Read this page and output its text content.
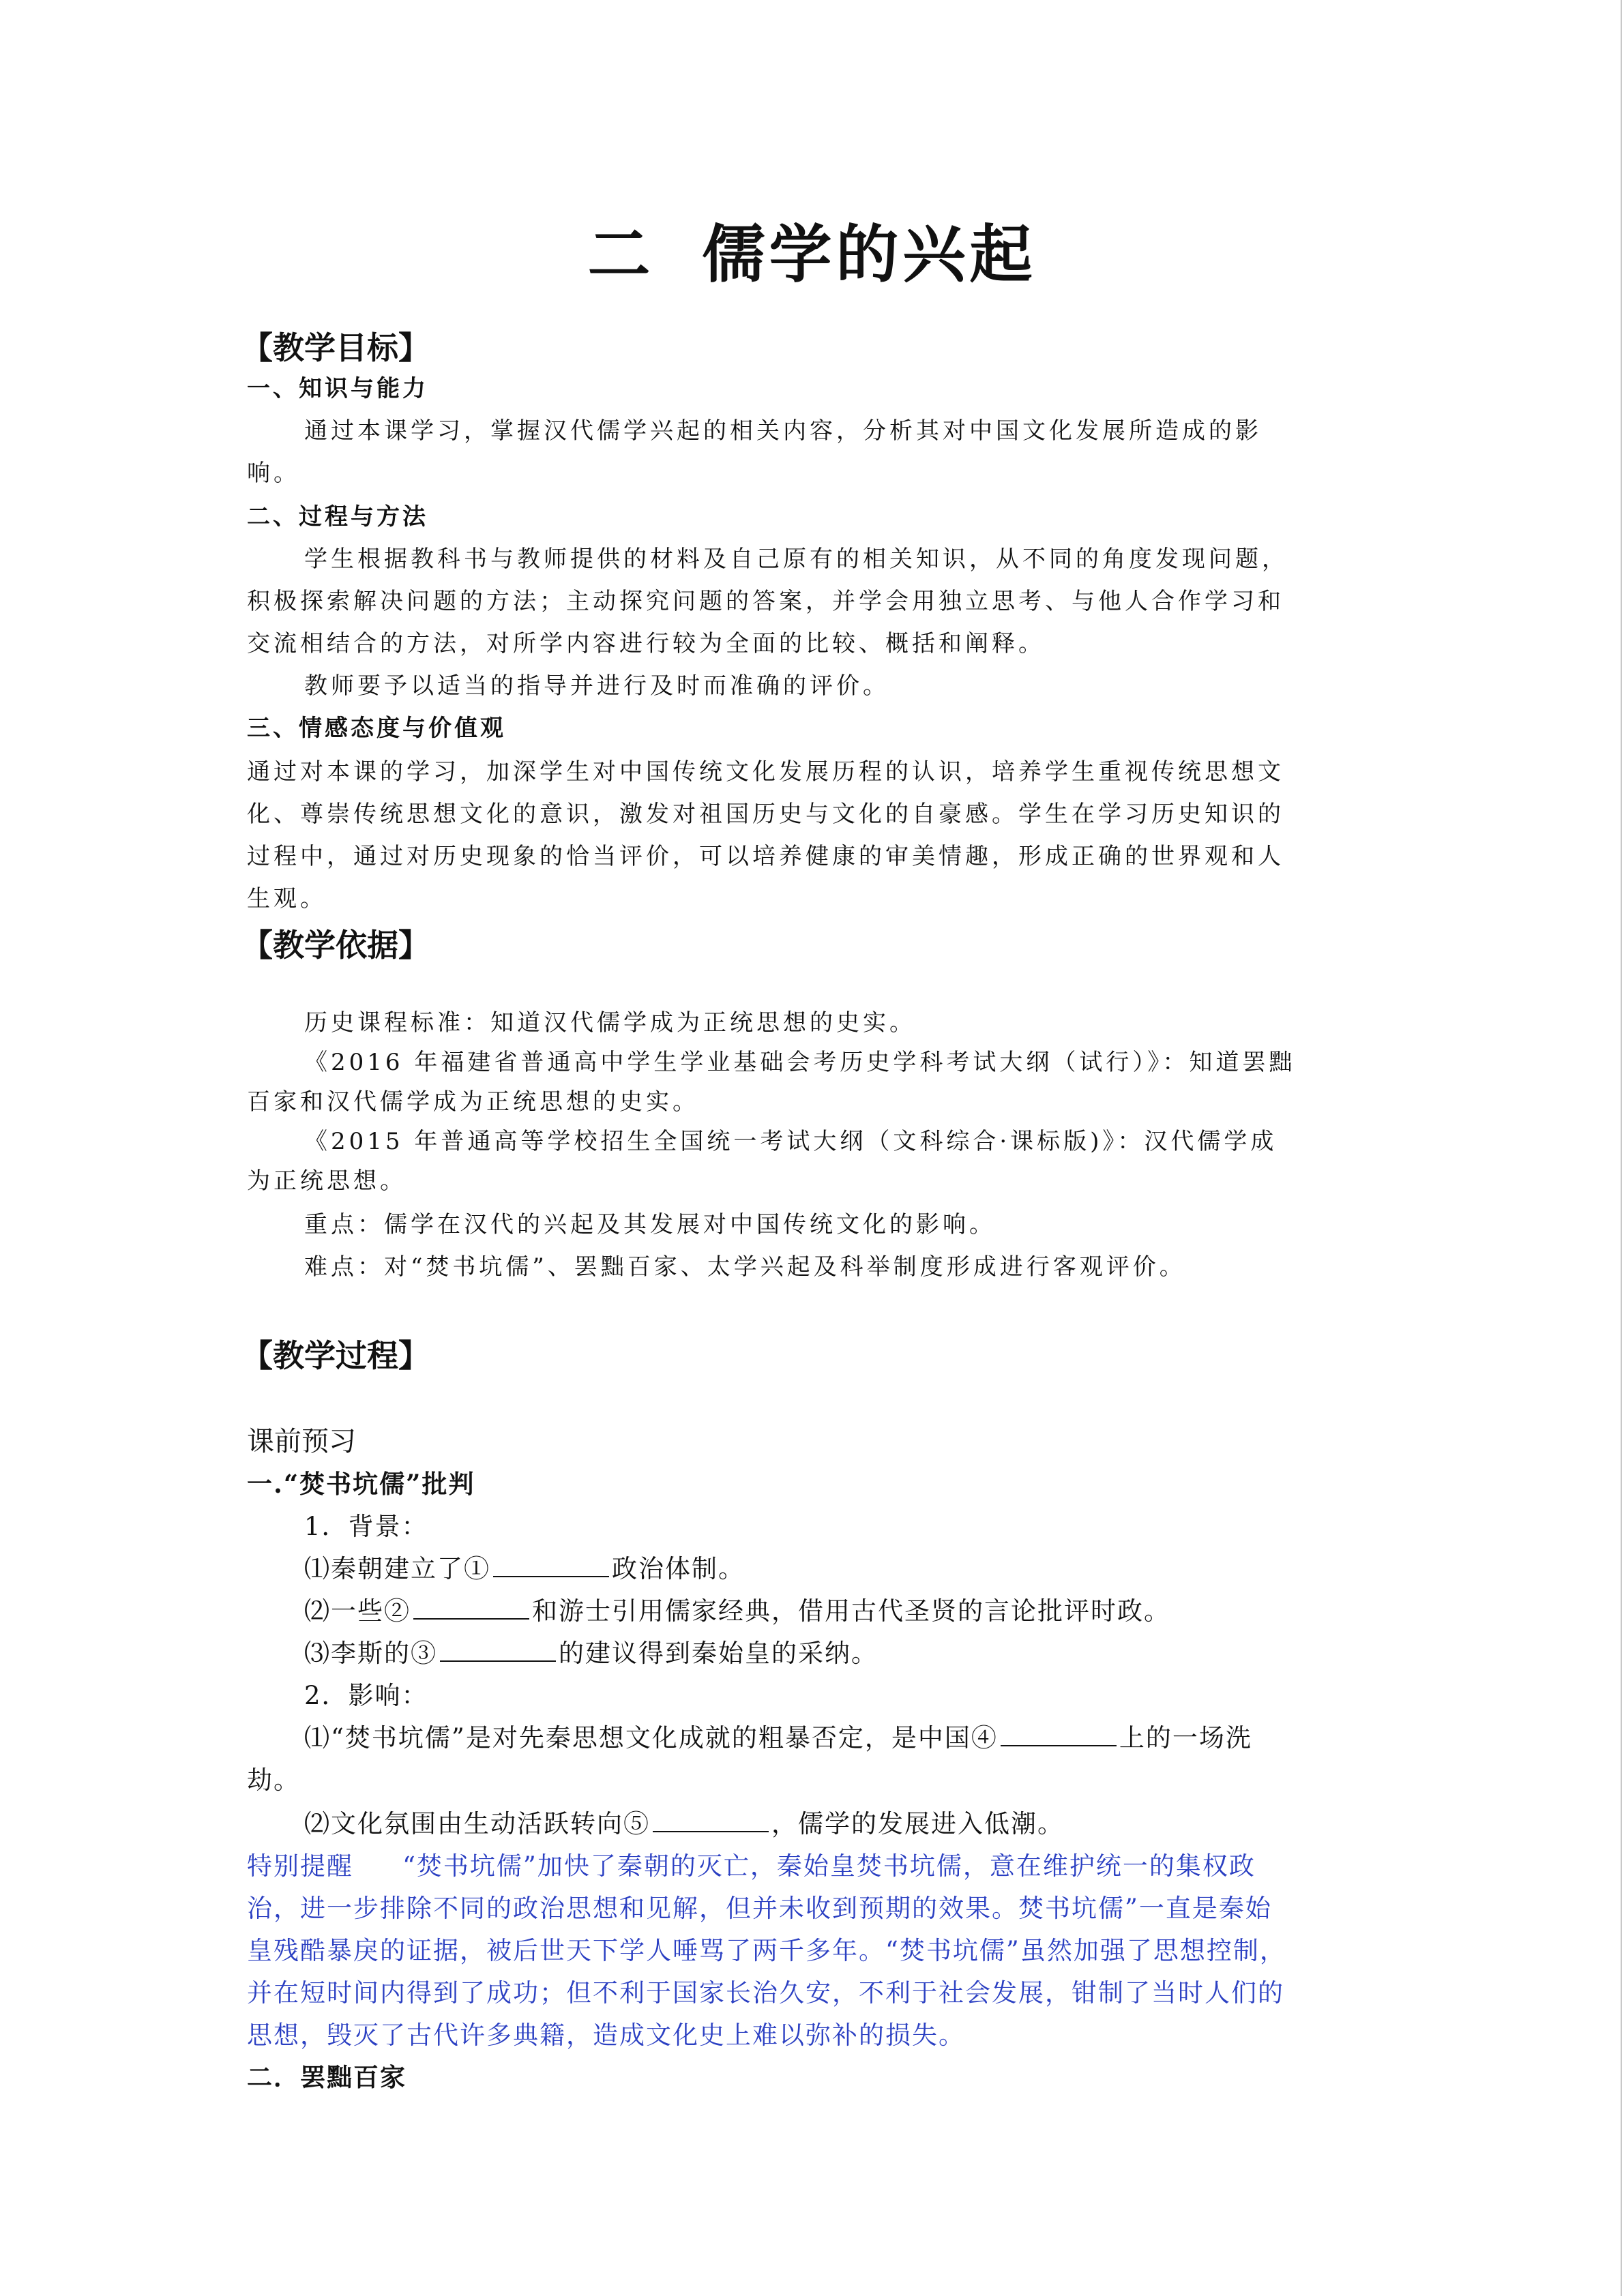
二 儒学的兴起
【教学目标】
一、知识与能力
通过本课学习，掌握汉代儒学兴起的相关内容，分析其对中国文化发展所造成的影
响。
二、过程与方法
学生根据教科书与教师提供的材料及自己原有的相关知识，从不同的角度发现问题，
积极探索解决问题的方法；主动探究问题的答案，并学会用独立思考、与他人合作学习和
交流相结合的方法，对所学内容进行较为全面的比较、概括和阐释。
教师要予以适当的指导并进行及时而准确的评价。
三、情感态度与价值观
通过对本课的学习，加深学生对中国传统文化发展历程的认识，培养学生重视传统思想文
化、尊崇传统思想文化的意识，激发对祖国历史与文化的自豪感。学生在学习历史知识的
过程中，通过对历史现象的恰当评价，可以培养健康的审美情趣，形成正确的世界观和人
生观。
【教学依据】
历史课程标准：知道汉代儒学成为正统思想的史实。
《2016 年福建省普通高中学生学业基础会考历史学科考试大纲（试行）》：知道罢黜
百家和汉代儒学成为正统思想的史实。
《2015 年普通高等学校招生全国统一考试大纲（文科综合·课标版)》：汉代儒学成
为正统思想。
重点：儒学在汉代的兴起及其发展对中国传统文化的影响。
难点：对“焚书坑儒”、罢黜百家、太学兴起及科举制度形成进行客观评价。
【教学过程】
课前预习
一.“焚书坑儒”批判
1．背景：
⑴秦朝建立了①	政治体制。
⑵一些②	和游士引用儒家经典，借用古代圣贤的言论批评时政。
⑶李斯的③	的建议得到秦始皇的采纳。
2．影响：
⑴“焚书坑儒”是对先秦思想文化成就的粗暴否定，是中国④	上的一场洗
劫。
⑵文化氛围由生动活跃转向⑤	，儒学的发展进入低潮。
特别提醒 “焚书坑儒”加快了秦朝的灭亡，秦始皇焚书坑儒，意在维护统一的集权政
治，进一步排除不同的政治思想和见解，但并未收到预期的效果。焚书坑儒”一直是秦始
皇残酷暴戾的证据，被后世天下学人唾骂了两千多年。“焚书坑儒”虽然加强了思想控制，
并在短时间内得到了成功；但不利于国家长治久安，不利于社会发展，钳制了当时人们的
思想，毁灭了古代许多典籍，造成文化史上难以弥补的损失。
二．罢黜百家
